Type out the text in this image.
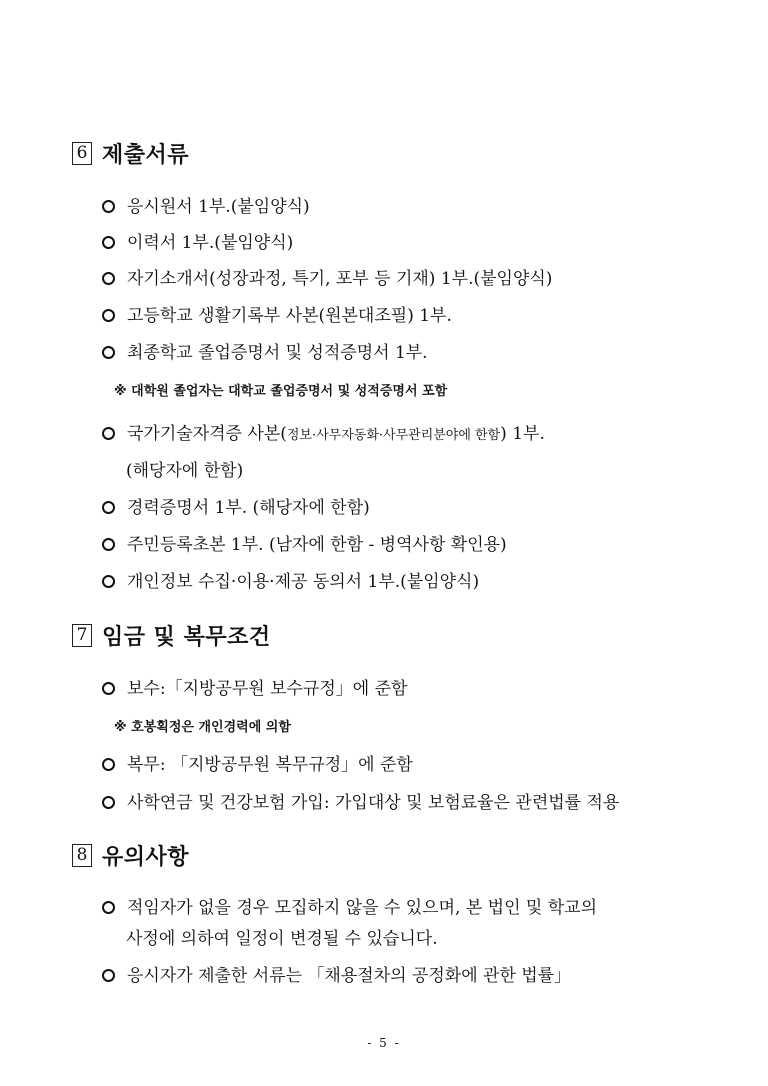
6 제출서류
응시원서 1부.(붙임양식)
이력서 1부.(붙임양식)
자기소개서(성장과정, 특기, 포부 등 기재) 1부.(붙임양식)
고등학교 생활기록부 사본(원본대조필) 1부.
최종학교 졸업증명서 및 성적증명서 1부.
※ 대학원 졸업자는 대학교 졸업증명서 및 성적증명서 포함
국가기술자격증 사본(정보·사무자동화·사무관리분야에 한함) 1부.
(해당자에 한함)
경력증명서 1부. (해당자에 한함)
주민등록초본 1부. (남자에 한함 - 병역사항 확인용)
개인정보 수집·이용·제공 동의서 1부.(붙임양식)
7 임금 및 복무조건
보수:「지방공무원 보수규정」에 준함
※ 호봉획정은 개인경력에 의함
복무: 「지방공무원 복무규정」에 준함
사학연금 및 건강보험 가입: 가입대상 및 보험료율은 관련법률 적용
8 유의사항
적임자가 없을 경우 모집하지 않을 수 있으며, 본 법인 및 학교의
사정에 의하여 일정이 변경될 수 있습니다.
응시자가 제출한 서류는 「채용절차의 공정화에 관한 법률」
- 5 -
